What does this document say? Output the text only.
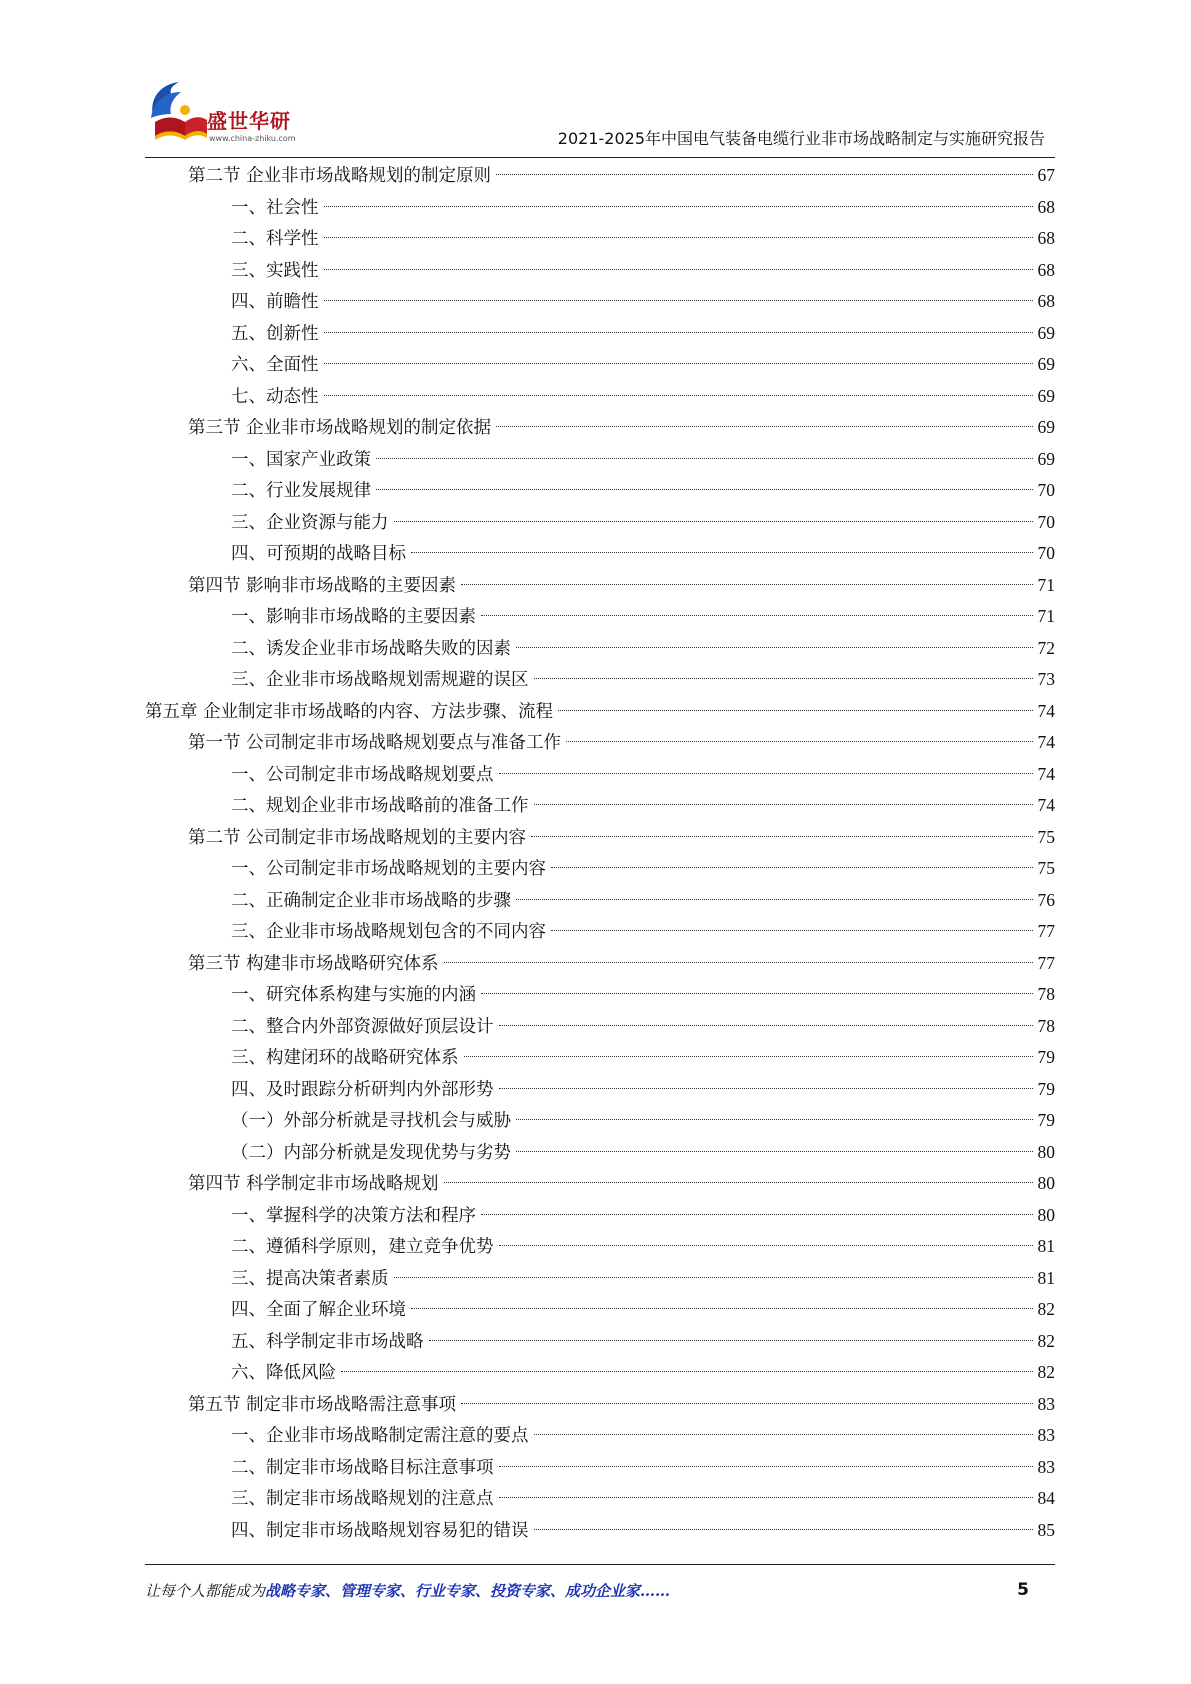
盛世华研
www.china-zhiku.com	2021-2025年中国电气装备电缆行业非市场战略制定与实施研究报告
第二节 企业非市场战略规划的制定原则	67
一、社会性	68
二、科学性	68
三、实践性	68
四、前瞻性	68
五、创新性	69
六、全面性	69
七、动态性	69
第三节 企业非市场战略规划的制定依据	69
一、国家产业政策	69
二、行业发展规律	70
三、企业资源与能力	70
四、可预期的战略目标	70
第四节 影响非市场战略的主要因素	71
一、影响非市场战略的主要因素	71
二、诱发企业非市场战略失败的因素	72
三、企业非市场战略规划需规避的误区	73
第五章 企业制定非市场战略的内容、方法步骤、流程	74
第一节 公司制定非市场战略规划要点与准备工作	74
一、公司制定非市场战略规划要点	74
二、规划企业非市场战略前的准备工作	74
第二节 公司制定非市场战略规划的主要内容	75
一、公司制定非市场战略规划的主要内容	75
二、正确制定企业非市场战略的步骤	76
三、企业非市场战略规划包含的不同内容	77
第三节 构建非市场战略研究体系	77
一、研究体系构建与实施的内涵	78
二、整合内外部资源做好顶层设计	78
三、构建闭环的战略研究体系	79
四、及时跟踪分析研判内外部形势	79
（一）外部分析就是寻找机会与威胁	79
（二）内部分析就是发现优势与劣势	80
第四节 科学制定非市场战略规划	80
一、掌握科学的决策方法和程序	80
二、遵循科学原则，建立竞争优势	81
三、提高决策者素质	81
四、全面了解企业环境	82
五、科学制定非市场战略	82
六、降低风险	82
第五节 制定非市场战略需注意事项	83
一、企业非市场战略制定需注意的要点	83
二、制定非市场战略目标注意事项	83
三、制定非市场战略规划的注意点	84
四、制定非市场战略规划容易犯的错误	85
让每个人都能成为战略专家、管理专家、行业专家、投资专家、成功企业家……	5
